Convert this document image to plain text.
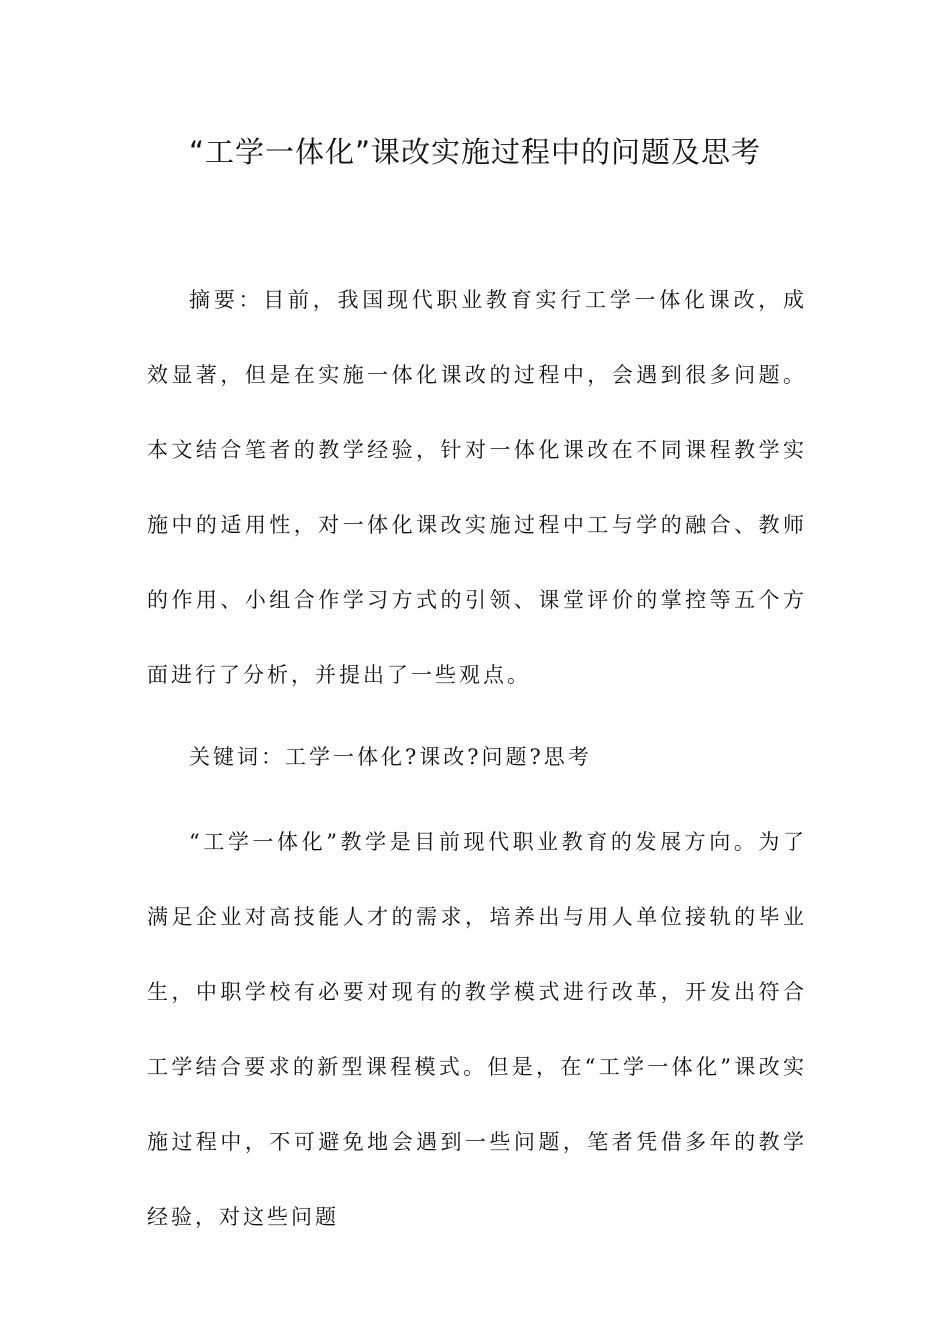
“工学一体化”课改实施过程中的问题及思考

摘要：目前，我国现代职业教育实行工学一体化课改，成效显著，但是在实施一体化课改的过程中，会遇到很多问题。本文结合笔者的教学经验，针对一体化课改在不同课程教学实施中的适用性，对一体化课改实施过程中工与学的融合、教师的作用、小组合作学习方式的引领、课堂评价的掌控等五个方面进行了分析，并提出了一些观点。

关键词：工学一体化?课改?问题?思考

“工学一体化”教学是目前现代职业教育的发展方向。为了满足企业对高技能人才的需求，培养出与用人单位接轨的毕业生，中职学校有必要对现有的教学模式进行改革，开发出符合工学结合要求的新型课程模式。但是，在“工学一体化”课改实施过程中，不可避免地会遇到一些问题，笔者凭借多年的教学经验，对这些问题
